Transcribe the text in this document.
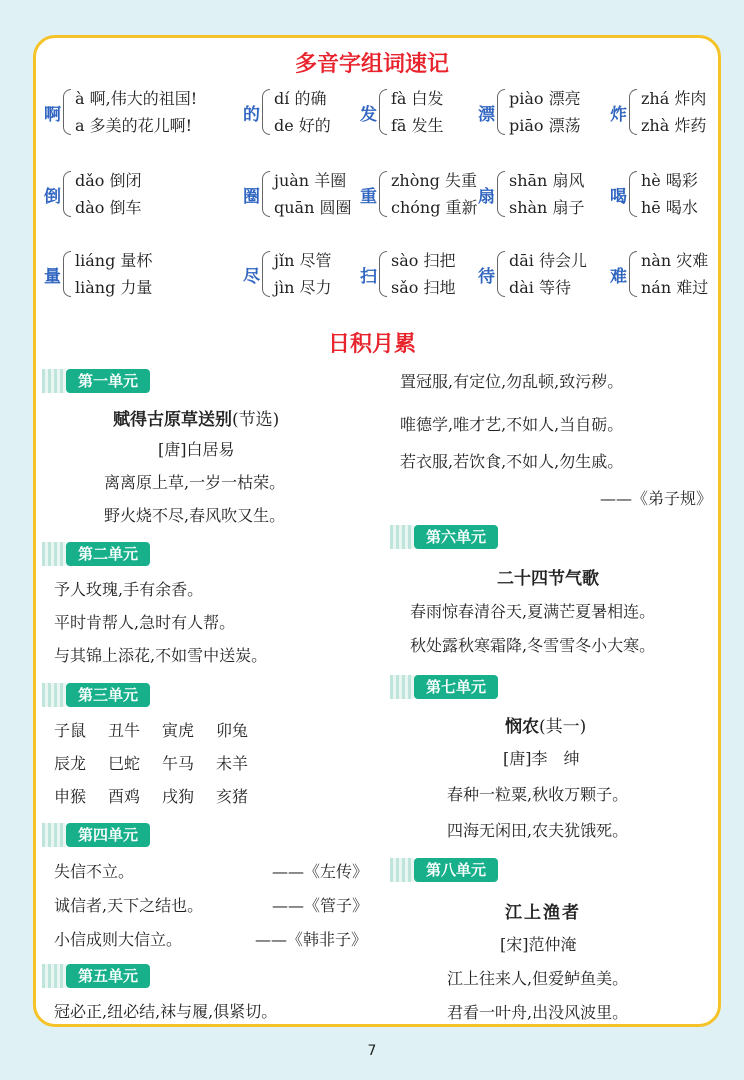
多音字组词速记
啊
à 啊,伟大的祖国!
a 多美的花儿啊!
的
dí 的确
de 好的
发
fà 白发
fā 发生
漂
piào 漂亮
piāo 漂荡
炸
zhá 炸肉
zhà 炸药
倒
dǎo 倒闭
dào 倒车
圈
juàn 羊圈
quān 圆圈
重
zhòng 失重
chóng 重新
扇
shān 扇风
shàn 扇子
喝
hè 喝彩
hē 喝水
量
liáng 量杯
liàng 力量
尽
jǐn 尽管
jìn 尽力
扫
sào 扫把
sǎo 扫地
待
dāi 待会儿
dài 等待
难
nàn 灾难
nán 难过
日积月累
第一单元
赋得古原草送别(节选)
[唐]白居易
离离原上草,一岁一枯荣。
野火烧不尽,春风吹又生。
第二单元
予人玫瑰,手有余香。
平时肯帮人,急时有人帮。
与其锦上添花,不如雪中送炭。
第三单元
子鼠 丑牛 寅虎 卯兔
辰龙 巳蛇 午马 未羊
申猴 酉鸡 戌狗 亥猪
第四单元
失信不立。	——《左传》
诚信者,天下之结也。	——《管子》
小信成则大信立。	——《韩非子》
第五单元
冠必正,纽必结,袜与履,俱紧切。
置冠服,有定位,勿乱顿,致污秽。
唯德学,唯才艺,不如人,当自砺。
若衣服,若饮食,不如人,勿生戚。
——《弟子规》
第六单元
二十四节气歌
春雨惊春清谷天,夏满芒夏暑相连。
秋处露秋寒霜降,冬雪雪冬小大寒。
第七单元
悯农(其一)
[唐]李　绅
春种一粒粟,秋收万颗子。
四海无闲田,农夫犹饿死。
第八单元
江上渔者
[宋]范仲淹
江上往来人,但爱鲈鱼美。
君看一叶舟,出没风波里。
7
